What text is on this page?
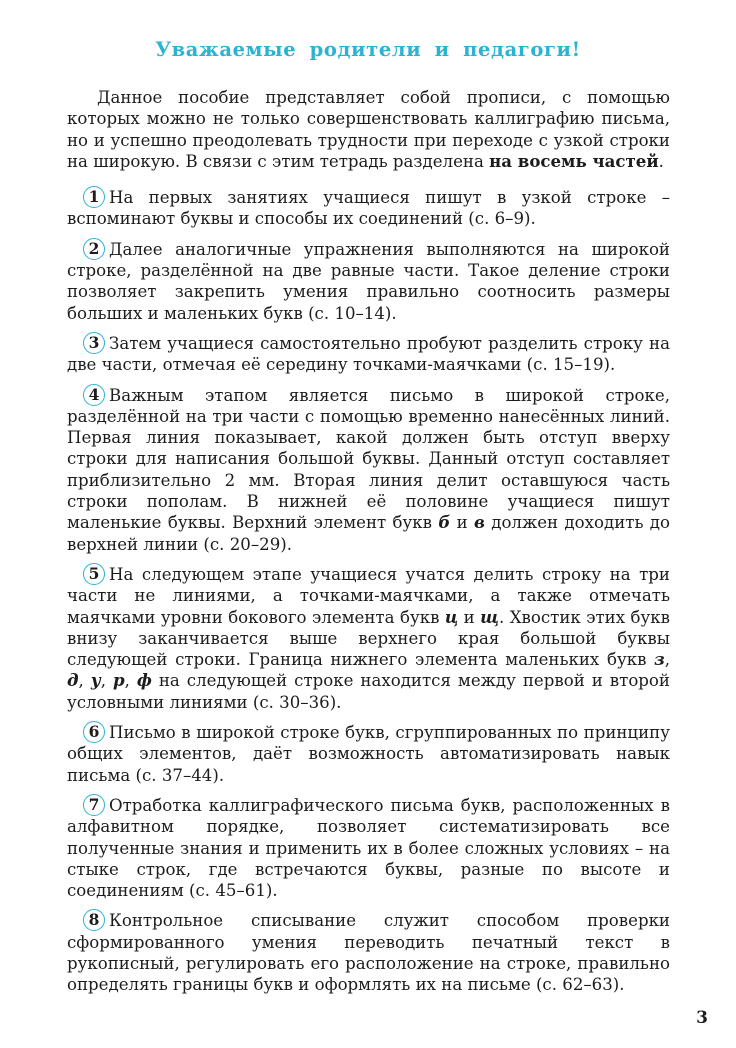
Уважаемые родители и педагоги!

Данное пособие представляет собой прописи, с помощью которых можно не только совершенствовать каллиграфию письма, но и успешно преодолевать трудности при переходе с узкой строки на широкую. В связи с этим тетрадь разделена на восемь частей.

1 На первых занятиях учащиеся пишут в узкой строке – вспоминают буквы и способы их соединений (с. 6–9).

2 Далее аналогичные упражнения выполняются на широкой строке, разделённой на две равные части. Такое деление строки позволяет закрепить умения правильно соотносить размеры больших и маленьких букв (с. 10–14).

3 Затем учащиеся самостоятельно пробуют разделить строку на две части, отмечая её середину точками-маячками (с. 15–19).

4 Важным этапом является письмо в широкой строке, разделённой на три части с помощью временно нанесённых линий. Первая линия показывает, какой должен быть отступ вверху строки для написания большой буквы. Данный отступ составляет приблизительно 2 мм. Вторая линия делит оставшуюся часть строки пополам. В нижней её половине учащиеся пишут маленькие буквы. Верхний элемент букв б и в должен доходить до верхней линии (с. 20–29).

5 На следующем этапе учащиеся учатся делить строку на три части не линиями, а точками-маячками, а также отмечать маячками уровни бокового элемента букв ц и щ. Хвостик этих букв внизу заканчивается выше верхнего края большой буквы следующей строки. Граница нижнего элемента маленьких букв з, д, у, р, ф на следующей строке находится между первой и второй условными линиями (с. 30–36).

6 Письмо в широкой строке букв, сгруппированных по принципу общих элементов, даёт возможность автоматизировать навык письма (с. 37–44).

7 Отработка каллиграфического письма букв, расположенных в алфавитном порядке, позволяет систематизировать все полученные знания и применить их в более сложных условиях – на стыке строк, где встречаются буквы, разные по высоте и соединениям (с. 45–61).

8 Контрольное списывание служит способом проверки сформированного умения переводить печатный текст в рукописный, регулировать его расположение на строке, правильно определять границы букв и оформлять их на письме (с. 62–63).

3
